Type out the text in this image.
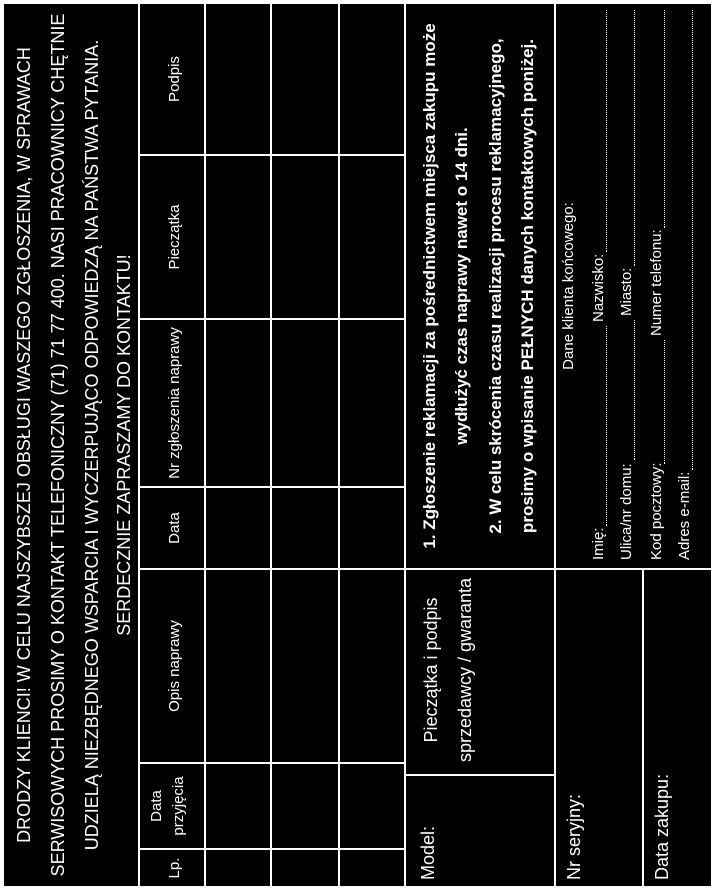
DRODZY KLIENCI! W CELU NAJSZYBSZEJ OBSŁUGI WASZEGO ZGŁOSZENIA, W SPRAWACH SERWISOWYCH PROSIMY O KONTAKT TELEFONICZNY (71) 71 77 400. NASI PRACOWNICY CHĘTNIE UDZIELĄ NIEZBĘDNEGO WSPARCIA I WYCZERPUJĄCO ODPOWIEDZĄ NA PAŃSTWA PYTANIA. SERDECZNIE ZAPRASZAMY DO KONTAKTU!
Lp.
Data przyjęcia
Opis naprawy
Data
Nr zgłoszenia naprawy
Pieczątka
Podpis
Model:
Pieczątka i podpis sprzedawcy / gwaranta
1. Zgłoszenie reklamacji za pośrednictwem miejsca zakupu może wydłużyć czas naprawy nawet o 14 dni. 2. W celu skrócenia czasu realizacji procesu reklamacyjnego, prosimy o wpisanie PEŁNYCH danych kontaktowych poniżej.
Nr seryjny:	Data zakupu:
Dane klienta końcowego:
Imię:
Nazwisko:
Ulica/nr domu:
Miasto:
Kod pocztowy:
Numer telefonu:
Adres e-mail:
